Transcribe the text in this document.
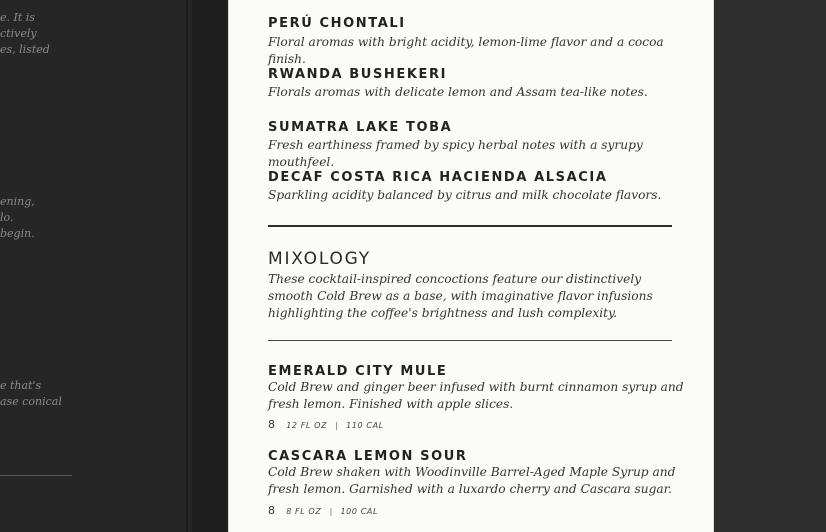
e. It is

ctively

es, listed

ening,

lo.

begin.

e that's

ase conical

PERÚ CHONTALI

Floral aromas with bright acidity, lemon-lime flavor and a cocoa finish.

RWANDA BUSHEKERI

Florals aromas with delicate lemon and Assam tea-like notes.

SUMATRA LAKE TOBA

Fresh earthiness framed by spicy herbal notes with a syrupy mouthfeel.

DECAF COSTA RICA HACIENDA ALSACIA

Sparkling acidity balanced by citrus and milk chocolate flavors.

MIXOLOGY

These cocktail-inspired concoctions feature our distinctively smooth Cold Brew as a base, with imaginative flavor infusions highlighting the coffee's brightness and lush complexity.

EMERALD CITY MULE

Cold Brew and ginger beer infused with burnt cinnamon syrup and fresh lemon. Finished with apple slices.

8 12 FL OZ | 110 CAL

CASCARA LEMON SOUR

Cold Brew shaken with Woodinville Barrel-Aged Maple Syrup and fresh lemon. Garnished with a luxardo cherry and Cascara sugar.

8 8 FL OZ | 100 CAL
